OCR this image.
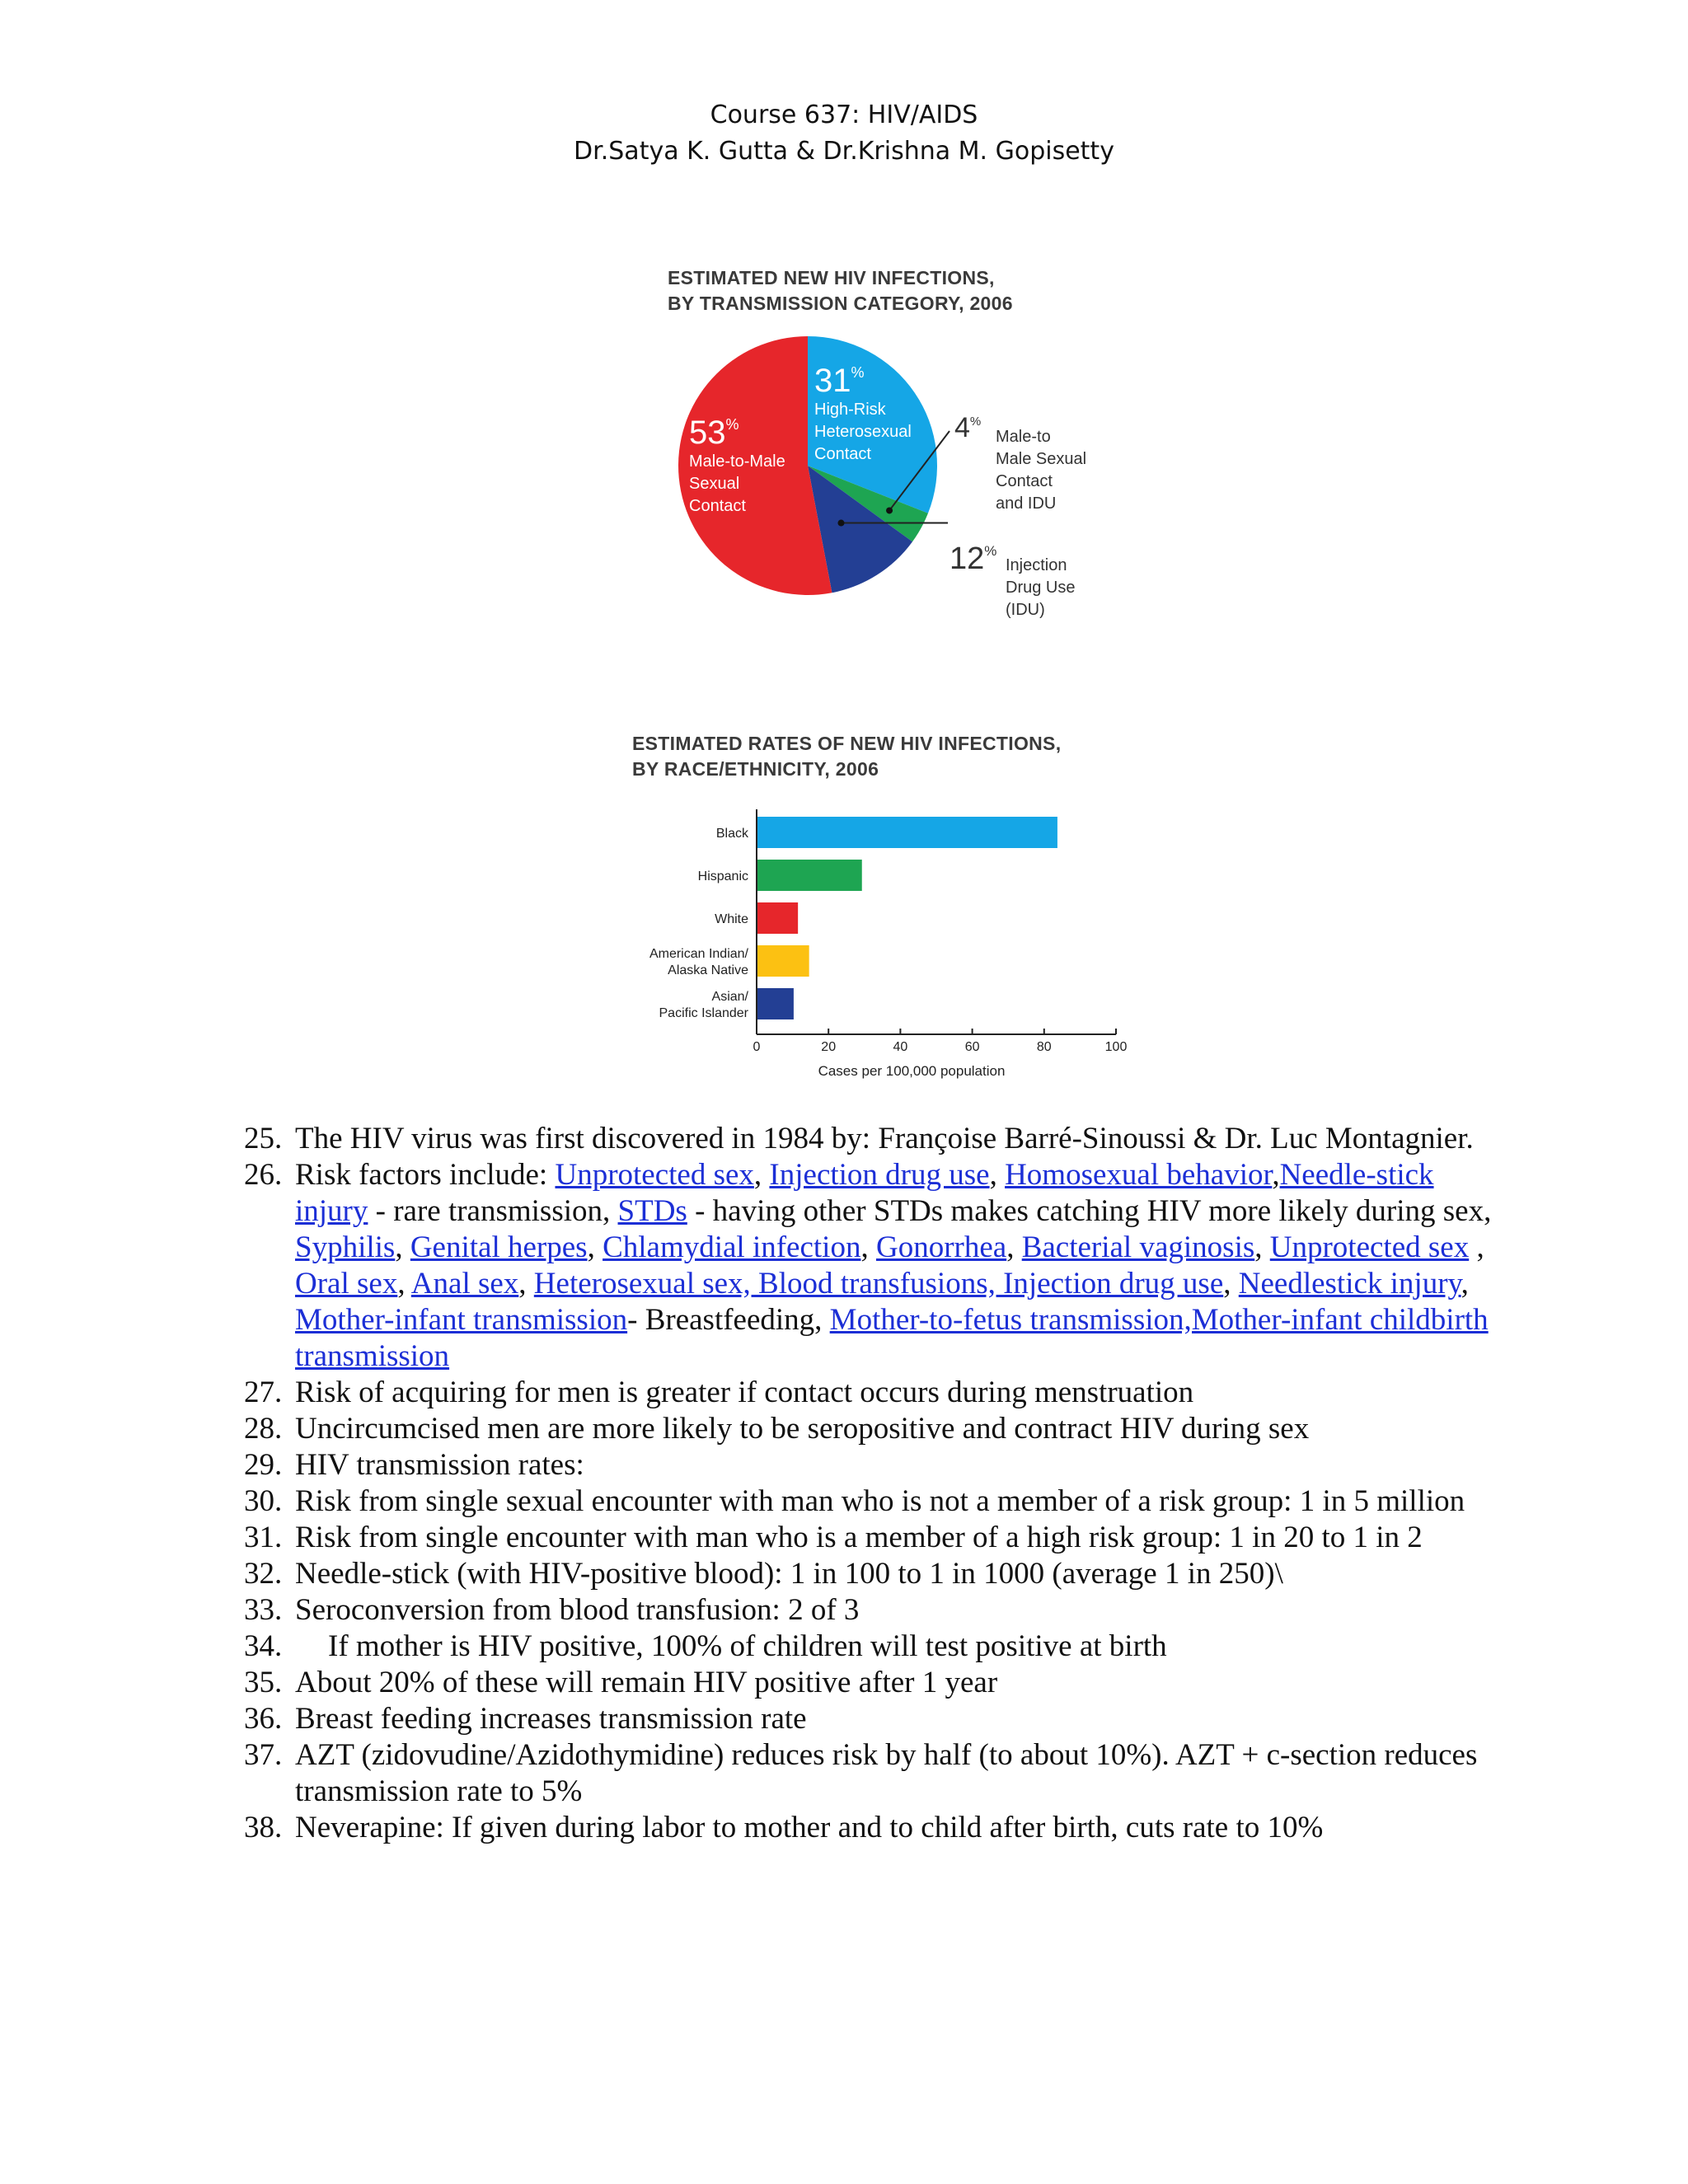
Course 637: HIV/AIDS
Dr.Satya K. Gutta & Dr.Krishna M. Gopisetty
ESTIMATED NEW HIV INFECTIONS,
BY TRANSMISSION CATEGORY, 2006
31%
High-Risk
Heterosexual
Contact
53%
Male-to-Male
Sexual
Contact
4%
Male-to
Male Sexual
Contact
and IDU
12%
Injection
Drug Use
(IDU)
ESTIMATED RATES OF NEW HIV INFECTIONS,
BY RACE/ETHNICITY, 2006
Black
Hispanic
White
American Indian/
Alaska Native
Asian/
Pacific Islander
0	20	40	60	80	100
Cases per 100,000 population
25. The HIV virus was first discovered in 1984 by: Françoise Barré-Sinoussi & Dr. Luc Montagnier.
26. Risk factors include: Unprotected sex, Injection drug use, Homosexual behavior,Needle-stick injury - rare transmission, STDs - having other STDs makes catching HIV more likely during sex, Syphilis, Genital herpes, Chlamydial infection, Gonorrhea, Bacterial vaginosis, Unprotected sex , Oral sex, Anal sex, Heterosexual sex, Blood transfusions, Injection drug use, Needlestick injury, Mother-infant transmission- Breastfeeding, Mother-to-fetus transmission,Mother-infant childbirth transmission
27. Risk of acquiring for men is greater if contact occurs during menstruation
28. Uncircumcised men are more likely to be seropositive and contract HIV during sex
29. HIV transmission rates:
30. Risk from single sexual encounter with man who is not a member of a risk group: 1 in 5 million
31. Risk from single encounter with man who is a member of a high risk group: 1 in 20 to 1 in 2
32. Needle-stick (with HIV-positive blood): 1 in 100 to 1 in 1000 (average 1 in 250)\
33. Seroconversion from blood transfusion: 2 of 3
34. If mother is HIV positive, 100% of children will test positive at birth
35. About 20% of these will remain HIV positive after 1 year
36. Breast feeding increases transmission rate
37. AZT (zidovudine/Azidothymidine) reduces risk by half (to about 10%). AZT + c-section reduces transmission rate to 5%
38. Neverapine: If given during labor to mother and to child after birth, cuts rate to 10%
